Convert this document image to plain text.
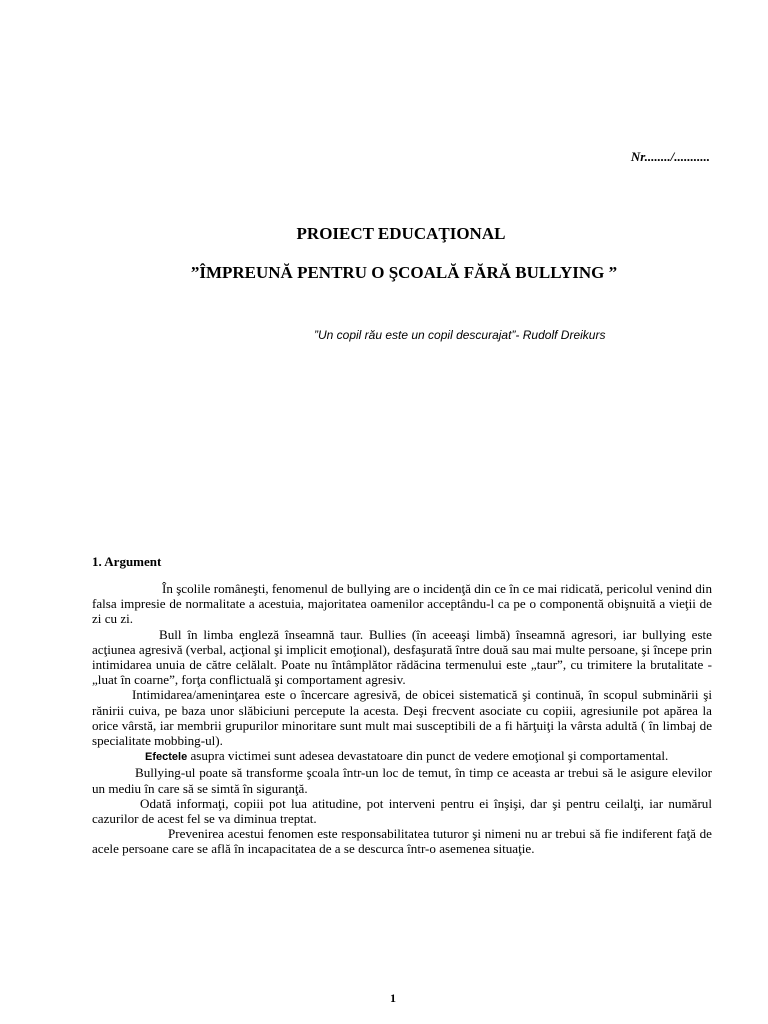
Nr......../...........
PROIECT EDUCAŢIONAL
”ÎMPREUNĂ PENTRU O ŞCOALĂ FĂRĂ BULLYING ”
”Un copil rău este un copil descurajat”- Rudolf Dreikurs
1. Argument

În şcolile româneşti, fenomenul de bullying are o incidenţă din ce în ce mai ridicată, pericolul venind din falsa impresie de normalitate a acestuia, majoritatea oamenilor acceptându-l ca pe o componentă obişnuită a vieţii de zi cu zi.

Bull în limba engleză înseamnă taur. Bullies (în aceeaşi limbă) înseamnă agresori, iar bullying este acţiunea agresivă (verbal, acţional şi implicit emoţional), desfaşurată între două sau mai multe persoane, şi începe prin intimidarea unuia de către celălalt. Poate nu întâmplător rădăcina termenului este „taur”, cu trimitere la brutalitate - „luat în coarne”, forţa conflictuală şi comportament agresiv.

Intimidarea/ameninţarea este o încercare agresivă, de obicei sistematică şi continuă, în scopul subminării şi rănirii cuiva, pe baza unor slăbiciuni percepute la acesta. Deşi frecvent asociate cu copiii, agresiunile pot apărea la orice vârstă, iar membrii grupurilor minoritare sunt mult mai susceptibili de a fi hărţuiţi la vârsta adultă ( în limbaj de specialitate mobbing-ul).

Efectele asupra victimei sunt adesea devastatoare din punct de vedere emoţional şi comportamental.

Bullying-ul poate să transforme şcoala într-un loc de temut, în timp ce aceasta ar trebui să le asigure elevilor un mediu în care să se simtă în siguranţă.

Odată informaţi, copiii pot lua atitudine, pot interveni pentru ei înşişi, dar şi pentru ceilalţi, iar numărul cazurilor de acest fel se va diminua treptat.

Prevenirea acestui fenomen este responsabilitatea tuturor şi nimeni nu ar trebui să fie indiferent faţă de acele persoane care se află în incapacitatea de a se descurca într-o asemenea situaţie.

1
